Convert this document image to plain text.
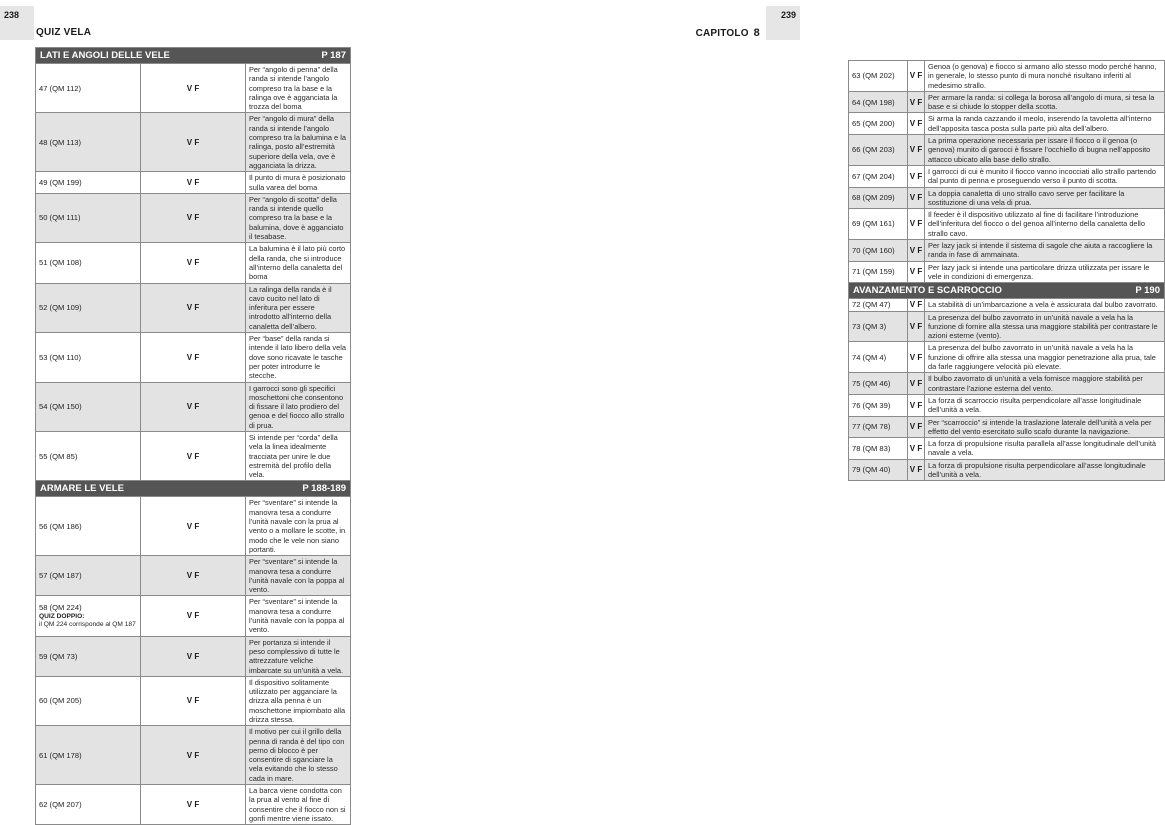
238
QUIZ VELA
LATI E ANGOLI DELLE VELE P 187		

47 (QM 112)	V F	Per “angolo di penna” della randa si intende l’angolo compreso tra la base e la ralinga ove è agganciata la trozza del boma
48 (QM 113)	V F	Per “angolo di mura” della randa si intende l’angolo compreso tra la balumina e la ralinga, posto all’estremità superiore della vela, ove è agganciata la drizza.
49 (QM 199)	V F	Il punto di mura è posizionato sulla varea del boma
50 (QM 111)	V F	Per “angolo di scotta” della randa si intende quello compreso tra la base e la balumina, dove è agganciato il tesabase.
51 (QM 108)	V F	La balumina è il lato più corto della randa, che si introduce all’interno della canaletta del boma
52 (QM 109)	V F	La ralinga della randa è il cavo cucito nel lato di inferitura per essere introdotto all’interno della canaletta dell’albero.
53 (QM 110)	V F	Per “base” della randa si intende il lato libero della vela dove sono ricavate le tasche per poter introdurre le stecche.
54 (QM 150)	V F	I garrocci sono gli specifici moschettoni che consentono di fissare il lato prodiero del genoa e del fiocco allo strallo di prua.
55 (QM 85)	V F	Si intende per “corda” della vela la linea idealmente tracciata per unire le due estremità del profilo della vela.

ARMARE LE VELE P 188-189		

56 (QM 186)	V F	Per “sventare” si intende la manovra tesa a condurre l’unità navale con la prua al vento o a mollare le scotte, in modo che le vele non siano portanti.
57 (QM 187)	V F	Per “sventare” si intende la manovra tesa a condurre l’unità navale con la poppa al vento.
58 (QM 224)
QUIZ DOPPIO:
il QM 224 corrisponde al QM 187	V F	Per “sventare” si intende la manovra tesa a condurre l’unità navale con la poppa al vento.
59 (QM 73)	V F	Per portanza si intende il peso complessivo di tutte le attrezzature veliche imbarcate su un’unità a vela.
60 (QM 205)	V F	Il dispositivo solitamente utilizzato per agganciare la drizza alla penna è un moschettone impiombato alla drizza stessa.
61 (QM 178)	V F	Il motivo per cui il grillo della penna di randa è del tipo con perno di blocco è per consentire di sganciare la vela evitando che lo stesso cada in mare.
62 (QM 207)	V F	La barca viene condotta con la prua al vento al fine di consentire che il fiocco non si gonfi mentre viene issato.
CAPITOLO 8
239
63 (QM 202)	V F	Genoa (o genova) e fiocco si armano allo stesso modo perché hanno, in generale, lo stesso punto di mura nonché risultano inferiti al medesimo strallo.
64 (QM 198)	V F	Per armare la randa: si collega la borosa all’angolo di mura, si tesa la base e si chiude lo stopper della scotta.
65 (QM 200)	V F	Si arma la randa cazzando il meolo, inserendo la tavoletta all’interno dell’apposita tasca posta sulla parte più alta dell’albero.
66 (QM 203)	V F	La prima operazione necessaria per issare il fiocco o il genoa (o genova) munito di garocci è fissare l’occhiello di bugna nell’apposito attacco ubicato alla base dello strallo.
67 (QM 204)	V F	I garrocci di cui è munito il fiocco vanno incocciati allo strallo partendo dal punto di penna e proseguendo verso il punto di scotta.
68 (QM 209)	V F	La doppia canaletta di uno strallo cavo serve per facilitare la sostituzione di una vela di prua.
69 (QM 161)	V F	Il feeder è il dispositivo utilizzato al fine di facilitare l’introduzione dell’inferitura del fiocco o del genoa all’interno della canaletta dello strallo cavo.
70 (QM 160)	V F	Per lazy jack si intende il sistema di sagole che aiuta a raccogliere la randa in fase di ammainata.
71 (QM 159)	V F	Per lazy jack si intende una particolare drizza utilizzata per issare le vele in condizioni di emergenza.

AVANZAMENTO E SCARROCCIO P 190		

72 (QM 47)	V F	La stabilità di un’imbarcazione a vela è assicurata dal bulbo zavorrato.
73 (QM 3)	V F	La presenza del bulbo zavorrato in un’unità navale a vela ha la funzione di fornire alla stessa una maggiore stabilità per contrastare le azioni esterne (vento).
74 (QM 4)	V F	La presenza del bulbo zavorrato in un’unità navale a vela ha la funzione di offrire alla stessa una maggior penetrazione alla prua, tale da farle raggiungere velocità più elevate.
75 (QM 46)	V F	Il bulbo zavorrato di un’unità a vela fornisce maggiore stabilità per contrastare l’azione esterna del vento.
76 (QM 39)	V F	La forza di scarroccio risulta perpendicolare all’asse longitudinale dell’unità a vela.
77 (QM 78)	V F	Per “scarroccio” si intende la traslazione laterale dell’unità a vela per effetto del vento esercitato sullo scafo durante la navigazione.
78 (QM 83)	V F	La forza di propulsione risulta parallela all’asse longitudinale dell’unità navale a vela.
79 (QM 40)	V F	La forza di propulsione risulta perpendicolare all’asse longitudinale dell’unità a vela.
